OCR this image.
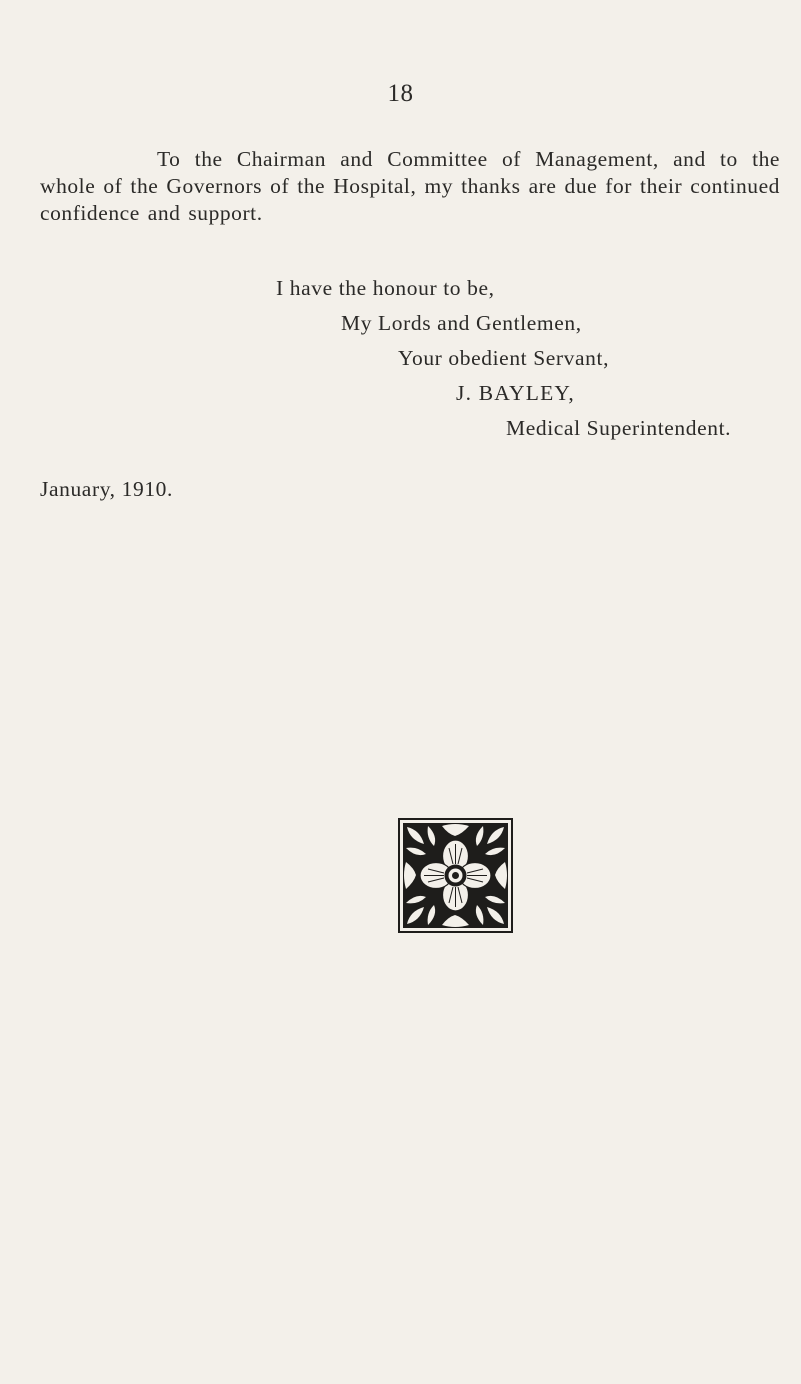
18

To the Chairman and Committee of Management, and to the whole of the Governors of the Hospital, my thanks are due for their continued confidence and support.

I have the honour to be,
My Lords and Gentlemen,
Your obedient Servant,
J. BAYLEY,
Medical Superintendent.
January, 1910.
